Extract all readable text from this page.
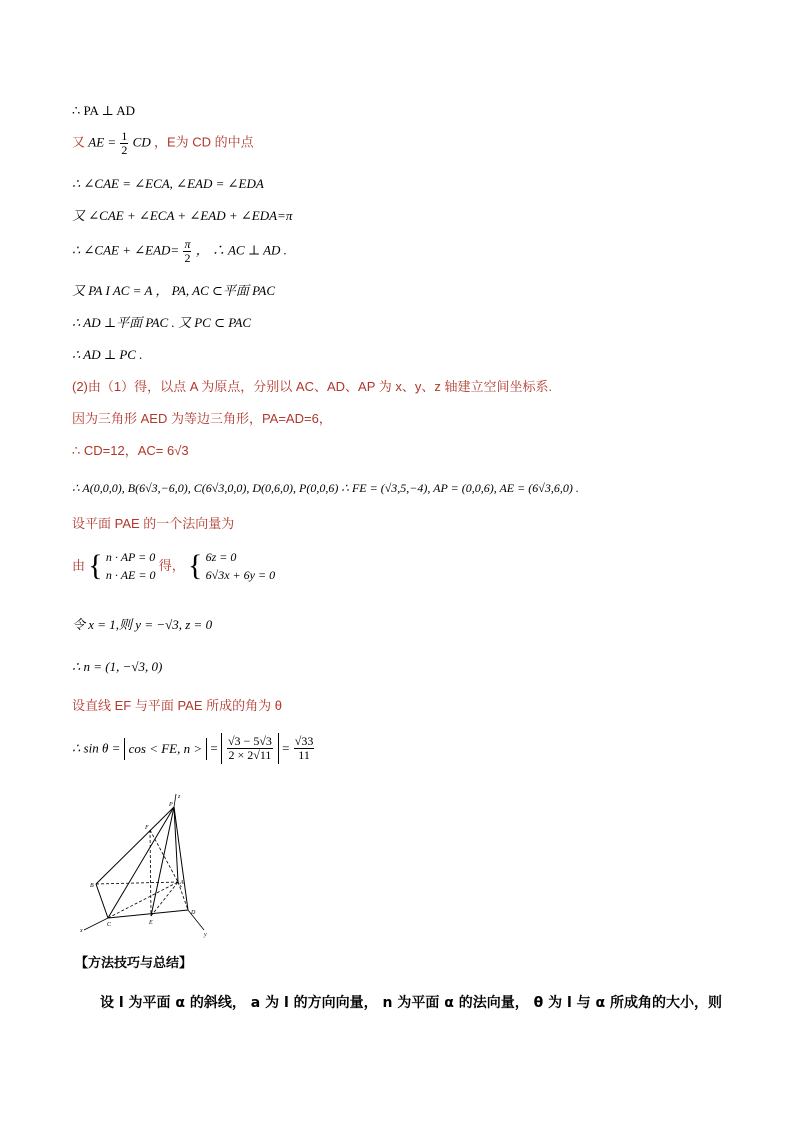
∴ PA ⊥ AD
又 AE = $\frac{1}{2}$ CD ，E为 CD 的中点
∴ ∠CAE = ∠ECA, ∠EAD = ∠EDA
又 ∠CAE + ∠ECA + ∠EAD + ∠EDA=π
∴ ∠CAE + ∠EAD= $\frac{\pi}{2}$ ， ∴ AC ⊥ AD .
又 PA I AC = A ， PA, AC ⊂平面 PAC
∴ AD ⊥平面 PAC . 又 PC ⊂ PAC
∴ AD ⊥ PC .
(2)由（1）得，以点 A 为原点，分别以 AC、AD、AP 为 x、y、z 轴建立空间坐标系.
因为三角形 AED 为等边三角形，PA=AD=6，
∴ CD=12，AC= 6√3
∴ A(0,0,0), B(6√3,−6,0), C(6√3,0,0), D(0,6,0), P(0,0,6) ∴ FE = (√3,5,−4), AP = (0,0,6), AE = (6√3,6,0) .
设平面 PAE 的一个法向量为
由 { n · AP = 0
n · AE = 0
得， { 6z = 0
6√3x + 6y = 0
令 x = 1,则 y = −√3, z = 0
∴ n = (1, −√3, 0)
设直线 EF 与平面 PAE 所成的角为 θ
∴ sin θ = cos < FE, n > = $\frac{√3 - 5√3}{2 \times 2√11} = \frac{√33}{11}$
P
z
F
B	A
C	E
D
x
y
【方法技巧与总结】
设 l 为平面 α 的斜线， a 为 l 的方向向量， n 为平面 α 的法向量， θ 为 l 与 α 所成角的大小，则
